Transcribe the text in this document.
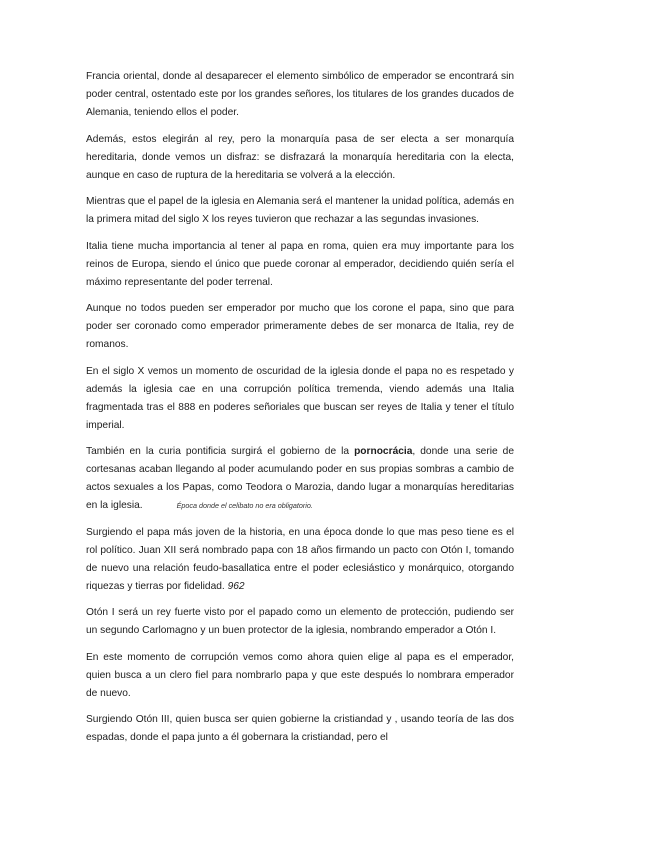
Francia oriental, donde al desaparecer el elemento simbólico de emperador se encontrará sin poder central, ostentado este por los grandes señores, los titulares de los grandes ducados de Alemania, teniendo ellos el poder.

Además, estos elegirán al rey, pero la monarquía pasa de ser electa a ser monarquía hereditaria, donde vemos un disfraz: se disfrazará la monarquía hereditaria con la electa, aunque en caso de ruptura de la hereditaria se volverá a la elección.

Mientras que el papel de la iglesia en Alemania será el mantener la unidad política, además en la primera mitad del siglo X los reyes tuvieron que rechazar a las segundas invasiones.

Italia tiene mucha importancia al tener al papa en roma, quien era muy importante para los reinos de Europa, siendo el único que puede coronar al emperador, decidiendo quién sería el máximo representante del poder terrenal.

Aunque no todos pueden ser emperador por mucho que los corone el papa, sino que para poder ser coronado como emperador primeramente debes de ser monarca de Italia, rey de romanos.

En el siglo X vemos un momento de oscuridad de la iglesia donde el papa no es respetado y además la iglesia cae en una corrupción política tremenda, viendo además una Italia fragmentada tras el 888 en poderes señoriales que buscan ser reyes de Italia y tener el título imperial.

También en la curia pontificia surgirá el gobierno de la pornocrácia, donde una serie de cortesanas acaban llegando al poder acumulando poder en sus propias sombras a cambio de actos sexuales a los Papas, como Teodora o Marozia, dando lugar a monarquías hereditarias en la iglesia.	Época donde el celibato no era obligatorio.

Surgiendo el papa más joven de la historia, en una época donde lo que mas peso tiene es el rol político. Juan XII será nombrado papa con 18 años firmando un pacto con Otón I, tomando de nuevo una relación feudo-basallatica entre el poder eclesiástico y monárquico, otorgando riquezas y tierras por fidelidad. 962

Otón I será un rey fuerte visto por el papado como un elemento de protección, pudiendo ser un segundo Carlomagno y un buen protector de la iglesia, nombrando emperador a Otón I.

En este momento de corrupción vemos como ahora quien elige al papa es el emperador, quien busca a un clero fiel para nombrarlo papa y que este después lo nombrara emperador de nuevo.

Surgiendo Otón III, quien busca ser quien gobierne la cristiandad y , usando teoría de las dos espadas, donde el papa junto a él gobernara la cristiandad, pero el
